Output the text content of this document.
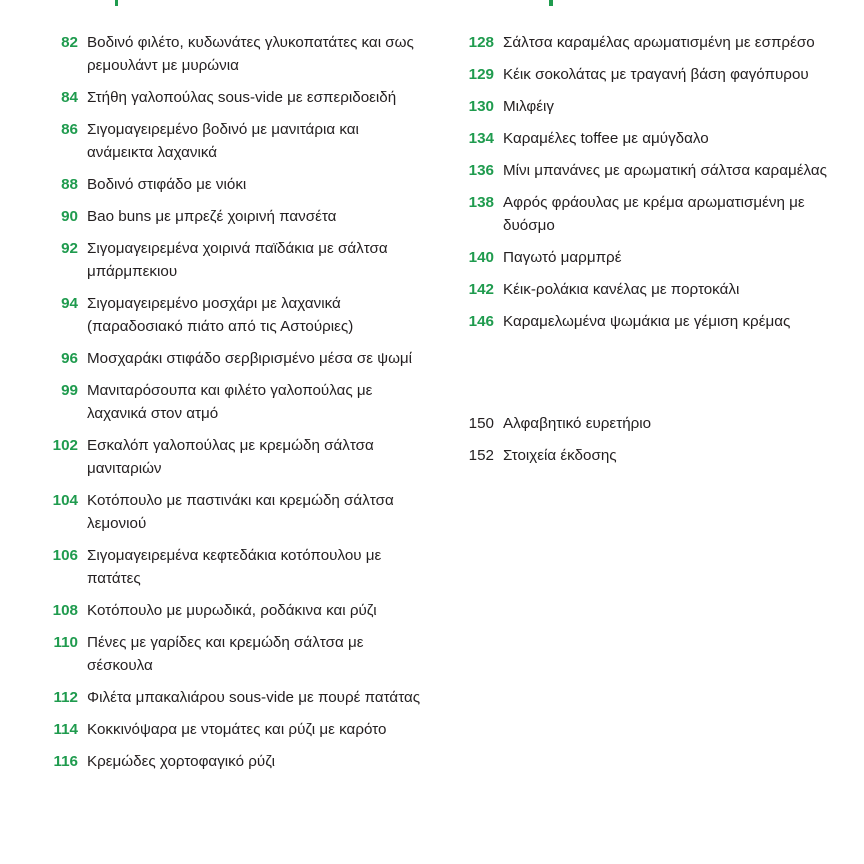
82 Βοδινό φιλέτο, κυδωνάτες γλυκοπατάτες και σως ρεμουλάντ με μυρώνια
84 Στήθη γαλοπούλας sous-vide με εσπεριδοειδή
86 Σιγομαγειρεμένο βοδινό με μανιτάρια και ανάμεικτα λαχανικά
88 Βοδινό στιφάδο με νιόκι
90 Bao buns με μπρεζέ χοιρινή πανσέτα
92 Σιγομαγειρεμένα χοιρινά παϊδάκια με σάλτσα μπάρμπεκιου
94 Σιγομαγειρεμένο μοσχάρι με λαχανικά (παραδοσιακό πιάτο από τις Αστούριες)
96 Μοσχαράκι στιφάδο σερβιρισμένο μέσα σε ψωμί
99 Μανιταρόσουπα και φιλέτο γαλοπούλας με λαχανικά στον ατμό
102 Εσκαλόπ γαλοπούλας με κρεμώδη σάλτσα μανιταριών
104 Κοτόπουλο με παστινάκι και κρεμώδη σάλτσα λεμονιού
106 Σιγομαγειρεμένα κεφτεδάκια κοτόπουλου με πατάτες
108 Κοτόπουλο με μυρωδικά, ροδάκινα και ρύζι
110 Πένες με γαρίδες και κρεμώδη σάλτσα με σέσκουλα
112 Φιλέτα μπακαλιάρου sous-vide με πουρέ πατάτας
114 Κοκκινόψαρα με ντομάτες και ρύζι με καρότο
116 Κρεμώδες χορτοφαγικό ρύζι
128 Σάλτσα καραμέλας αρωματισμένη με εσπρέσο
129 Κέικ σοκολάτας με τραγανή βάση φαγόπυρου
130 Μιλφέιγ
134 Καραμέλες toffee με αμύγδαλο
136 Μίνι μπανάνες με αρωματική σάλτσα καραμέλας
138 Αφρός φράουλας με κρέμα αρωματισμένη με δυόσμο
140 Παγωτό μαρμπρέ
142 Κέικ-ρολάκια κανέλας με πορτοκάλι
146 Καραμελωμένα ψωμάκια με γέμιση κρέμας
150 Αλφαβητικό ευρετήριο
152 Στοιχεία έκδοσης
